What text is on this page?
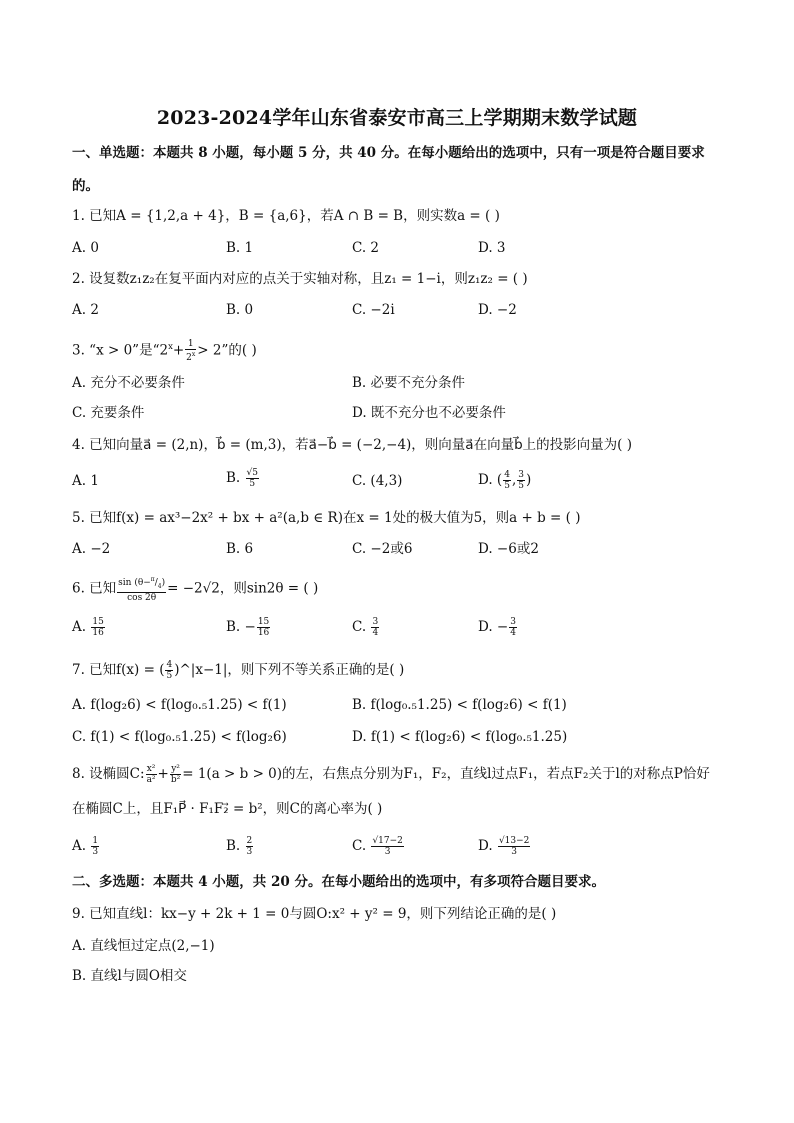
2023-2024学年山东省泰安市高三上学期期末数学试题
一、单选题：本题共 8 小题，每小题 5 分，共 40 分。在每小题给出的选项中，只有一项是符合题目要求
的。
1. 已知A = {1,2,a + 4}，B = {a,6}，若A ∩ B = B，则实数a = ( )
A. 0	B. 1	C. 2	D. 3
2. 设复数z₁z₂在复平面内对应的点关于实轴对称，且z₁ = 1−i，则z₁z₂ = ( )
A. 2	B. 0	C. −2i	D. −2
3. “x > 0”是“$2^x+ \frac{1}{2^x} > 2$”的( )
A. 充分不必要条件	B. 必要不充分条件
C. 充要条件	D. 既不充分也不必要条件
4. 已知向量a⃗ = (2,n)，b⃗ = (m,3)，若a⃗−b⃗ = (−2,−4)，则向量a⃗在向量b⃗上的投影向量为( )
A. 1	B. $\frac{√5}{5}$	C. (4,3)	D. ( $\frac{4}{5}$ , $\frac{3}{5}$ )
5. 已知f(x) = ax³−2x² + bx + a²(a,b ∈ R)在x = 1处的极大值为5，则a + b = ( )
A. −2	B. 6	C. −2或6	D. −6或2
6. 已知 $\frac{\sin (\theta-^\pi/_4)}{\cos 2\theta} = -2√2$，则sin2θ = ( )
A. $\frac{15}{16}$	B. − $\frac{15}{16}$	C. $\frac{3}{4}$	D. − $\frac{3}{4}$
7. 已知f(x) = ( $\frac{4}{5}$ )^|x−1|，则下列不等关系正确的是( )
A. f(log₂6) < f(log₀.₅1.25) < f(1)	B. f(log₀.₅1.25) < f(log₂6) < f(1)
C. f(1) < f(log₀.₅1.25) < f(log₂6)	D. f(1) < f(log₂6) < f(log₀.₅1.25)
8. 设椭圆C: $\frac{\text{x²}}{\text{a²}} + \frac{\text{y²}}{\text{b²}} = 1(a > b > 0)$的左，右焦点分别为F₁，F₂，直线l过点F₁，若点F₂关于l的对称点P恰好
在椭圆C上，且F₁P⃗ · F₁F₂⃗ = b²，则C的离心率为( )
A. $\frac{1}{3}$	B. $\frac{2}{3}$	C. $\frac{√17-2}{3}$	D. $\frac{√13-2}{3}$
二、多选题：本题共 4 小题，共 20 分。在每小题给出的选项中，有多项符合题目要求。
9. 已知直线l：kx−y + 2k + 1 = 0与圆O:x² + y² = 9，则下列结论正确的是( )
A. 直线恒过定点(2,−1)
B. 直线l与圆O相交
